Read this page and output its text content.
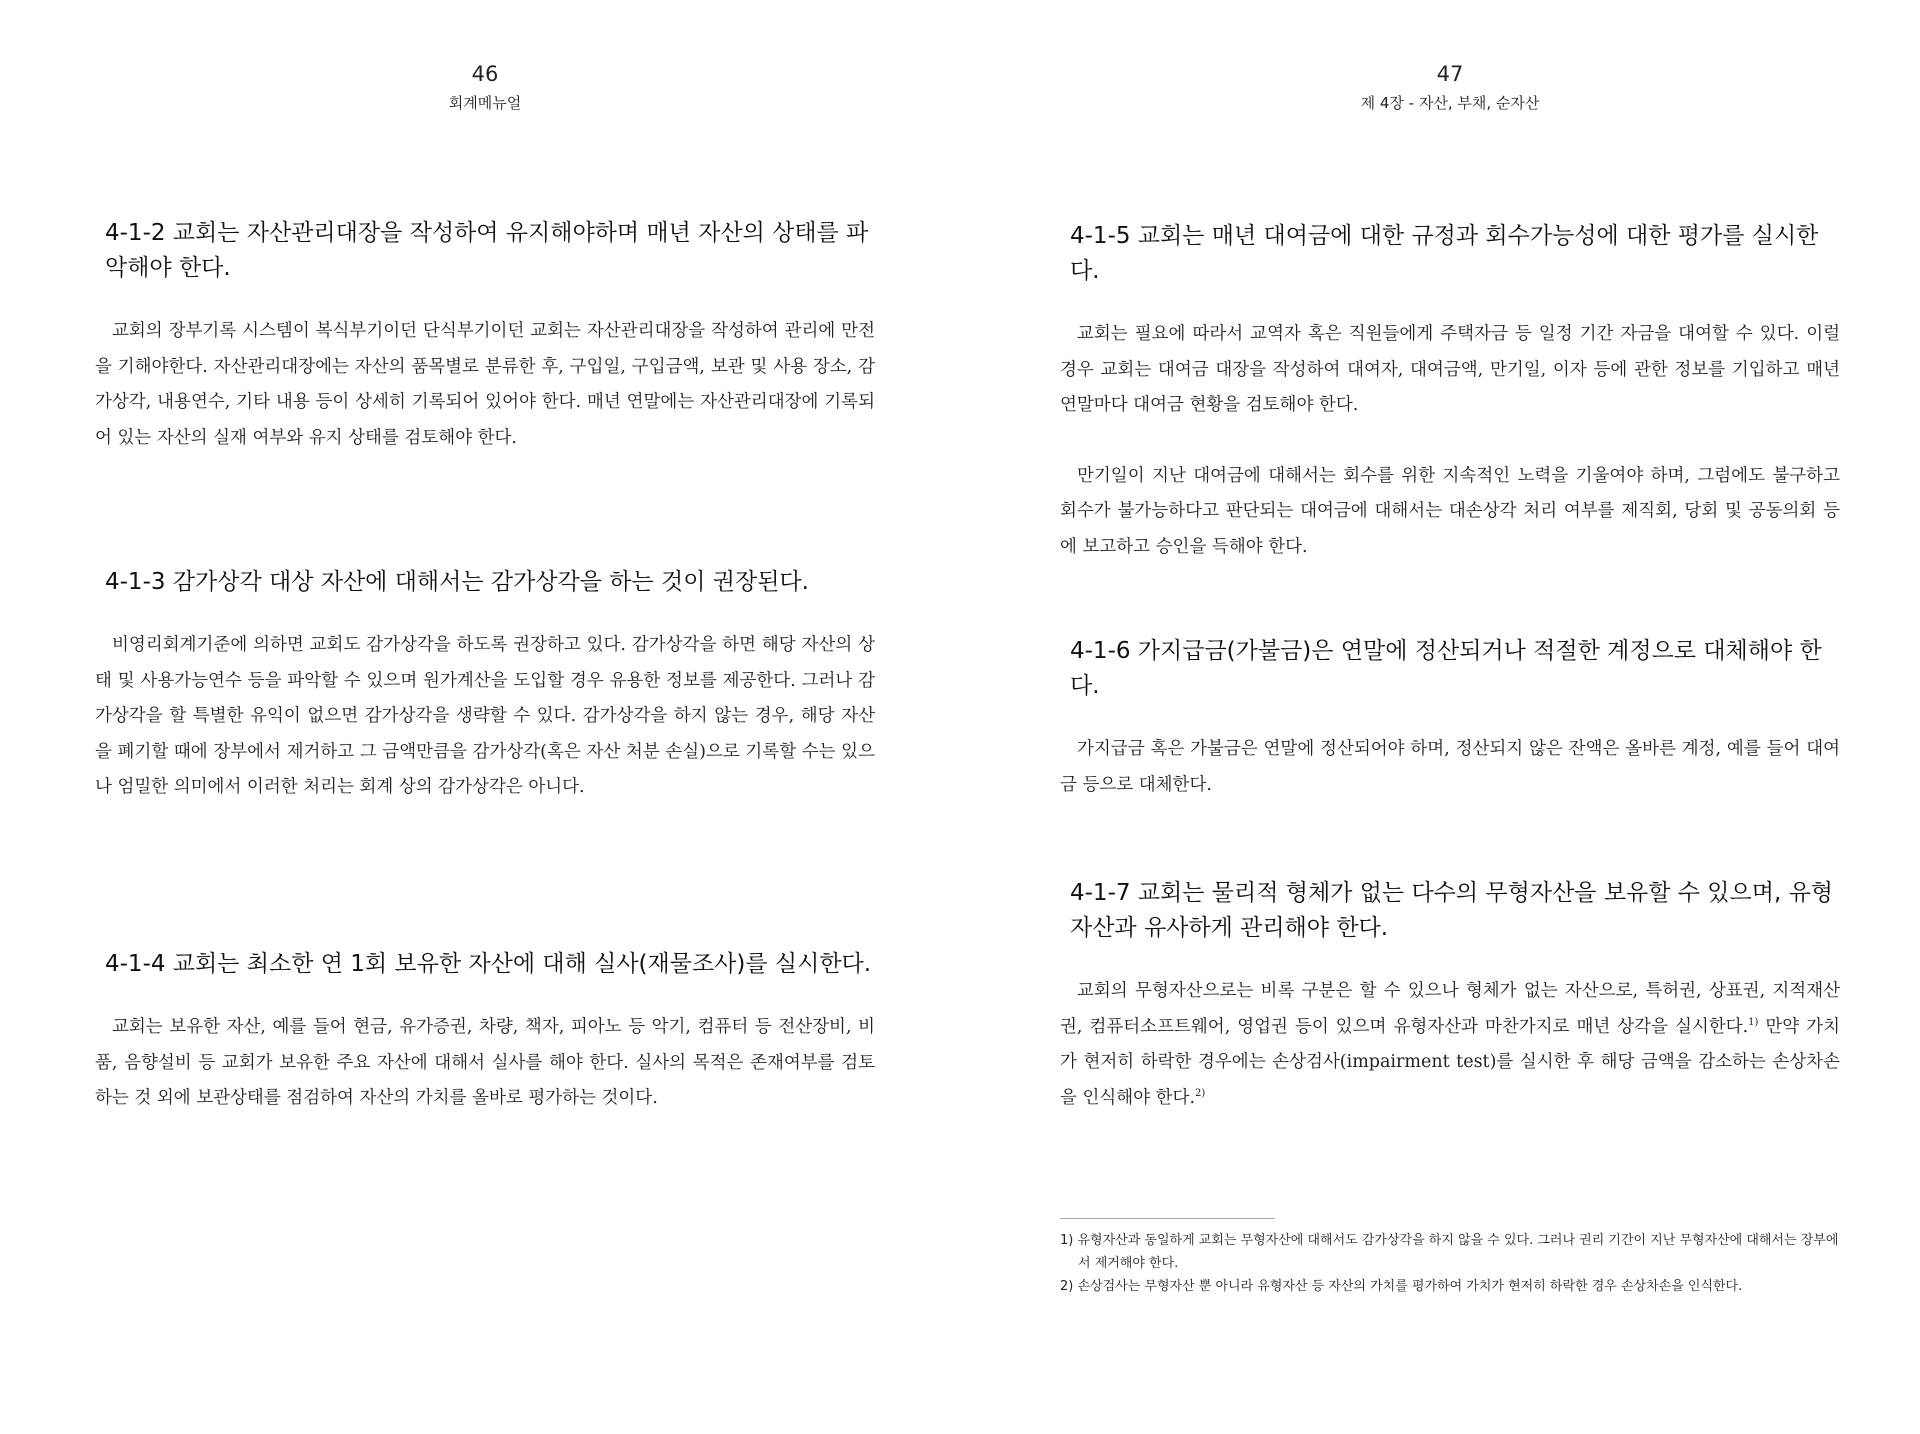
46
회계메뉴얼
4-1-2 교회는 자산관리대장을 작성하여 유지해야하며 매년 자산의 상태를 파악해야 한다.

교회의 장부기록 시스템이 복식부기이던 단식부기이던 교회는 자산관리대장을 작성하여 관리에 만전을 기해야한다. 자산관리대장에는 자산의 품목별로 분류한 후, 구입일, 구입금액, 보관 및 사용 장소, 감가상각, 내용연수, 기타 내용 등이 상세히 기록되어 있어야 한다. 매년 연말에는 자산관리대장에 기록되어 있는 자산의 실재 여부와 유지 상태를 검토해야 한다.

4-1-3 감가상각 대상 자산에 대해서는 감가상각을 하는 것이 권장된다.

비영리회계기준에 의하면 교회도 감가상각을 하도록 권장하고 있다. 감가상각을 하면 해당 자산의 상태 및 사용가능연수 등을 파악할 수 있으며 원가계산을 도입할 경우 유용한 정보를 제공한다. 그러나 감가상각을 할 특별한 유익이 없으면 감가상각을 생략할 수 있다. 감가상각을 하지 않는 경우, 해당 자산을 폐기할 때에 장부에서 제거하고 그 금액만큼을 감가상각(혹은 자산 처분 손실)으로 기록할 수는 있으나 엄밀한 의미에서 이러한 처리는 회계 상의 감가상각은 아니다.

4-1-4 교회는 최소한 연 1회 보유한 자산에 대해 실사(재물조사)를 실시한다.

교회는 보유한 자산, 예를 들어 현금, 유가증권, 차량, 책자, 피아노 등 악기, 컴퓨터 등 전산장비, 비품, 음향설비 등 교회가 보유한 주요 자산에 대해서 실사를 해야 한다. 실사의 목적은 존재여부를 검토하는 것 외에 보관상태를 점검하여 자산의 가치를 올바로 평가하는 것이다.

47
제 4장 - 자산, 부채, 순자산
4-1-5 교회는 매년 대여금에 대한 규정과 회수가능성에 대한 평가를 실시한다.

교회는 필요에 따라서 교역자 혹은 직원들에게 주택자금 등 일정 기간 자금을 대여할 수 있다. 이럴 경우 교회는 대여금 대장을 작성하여 대여자, 대여금액, 만기일, 이자 등에 관한 정보를 기입하고 매년 연말마다 대여금 현황을 검토해야 한다.

만기일이 지난 대여금에 대해서는 회수를 위한 지속적인 노력을 기울여야 하며, 그럼에도 불구하고 회수가 불가능하다고 판단되는 대여금에 대해서는 대손상각 처리 여부를 제직회, 당회 및 공동의회 등에 보고하고 승인을 득해야 한다.

4-1-6 가지급금(가불금)은 연말에 정산되거나 적절한 계정으로 대체해야 한다.

가지급금 혹은 가불금은 연말에 정산되어야 하며, 정산되지 않은 잔액은 올바른 계정, 예를 들어 대여금 등으로 대체한다.

4-1-7 교회는 물리적 형체가 없는 다수의 무형자산을 보유할 수 있으며, 유형자산과 유사하게 관리해야 한다.

교회의 무형자산으로는 비록 구분은 할 수 있으나 형체가 없는 자산으로, 특허권, 상표권, 지적재산권, 컴퓨터소프트웨어, 영업권 등이 있으며 유형자산과 마찬가지로 매년 상각을 실시한다.$^{1)}$ 만약 가치가 현저히 하락한 경우에는 손상검사(impairment test)를 실시한 후 해당 금액을 감소하는 손상차손을 인식해야 한다.$^{2)}$

1) 유형자산과 동일하게 교회는 무형자산에 대해서도 감가상각을 하지 않을 수 있다. 그러나 권리 기간이 지난 무형자산에 대해서는 장부에서 제거해야 한다.
2) 손상검사는 무형자산 뿐 아니라 유형자산 등 자산의 가치를 평가하여 가치가 현저히 하락한 경우 손상차손을 인식한다.
